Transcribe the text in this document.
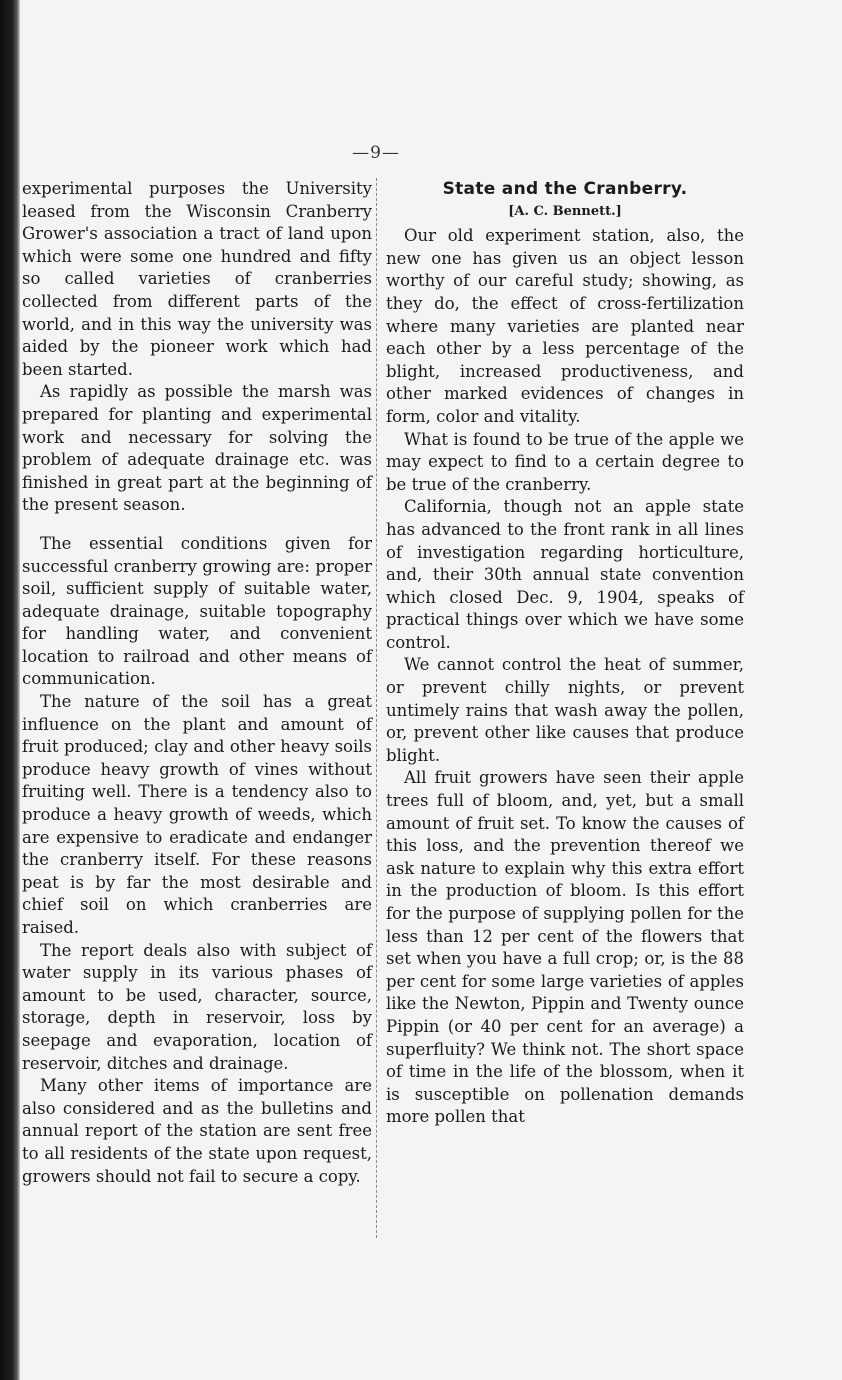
—9—

experimental purposes the University leased from the Wisconsin Cranberry Grower's association a tract of land upon which were some one hundred and fifty so called varieties of cranberries collected from different parts of the world, and in this way the university was aided by the pioneer work which had been started.

As rapidly as possible the marsh was prepared for planting and experimental work and necessary for solving the problem of adequate drainage etc. was finished in great part at the beginning of the present season.

The essential conditions given for successful cranberry growing are: proper soil, sufficient supply of suitable water, adequate drainage, suitable topography for handling water, and convenient location to railroad and other means of communication.

The nature of the soil has a great influence on the plant and amount of fruit produced; clay and other heavy soils produce heavy growth of vines without fruiting well. There is a tendency also to produce a heavy growth of weeds, which are expensive to eradicate and endanger the cranberry itself. For these reasons peat is by far the most desirable and chief soil on which cranberries are raised.

The report deals also with subject of water supply in its various phases of amount to be used, character, source, storage, depth in reservoir, loss by seepage and evaporation, location of reservoir, ditches and drainage.

Many other items of importance are also considered and as the bulletins and annual report of the station are sent free to all residents of the state upon request, growers should not fail to secure a copy.

State and the Cranberry.

[A. C. Bennett.]

Our old experiment station, also, the new one has given us an object lesson worthy of our careful study; showing, as they do, the effect of cross-fertilization where many varieties are planted near each other by a less percentage of the blight, increased productiveness, and other marked evidences of changes in form, color and vitality.

What is found to be true of the apple we may expect to find to a certain degree to be true of the cranberry.

California, though not an apple state has advanced to the front rank in all lines of investigation regarding horticulture, and, their 30th annual state convention which closed Dec. 9, 1904, speaks of practical things over which we have some control.

We cannot control the heat of summer, or prevent chilly nights, or prevent untimely rains that wash away the pollen, or, prevent other like causes that produce blight.

All fruit growers have seen their apple trees full of bloom, and, yet, but a small amount of fruit set. To know the causes of this loss, and the prevention thereof we ask nature to explain why this extra effort in the production of bloom. Is this effort for the purpose of supplying pollen for the less than 12 per cent of the flowers that set when you have a full crop; or, is the 88 per cent for some large varieties of apples like the Newton, Pippin and Twenty ounce Pippin (or 40 per cent for an average) a superfluity? We think not. The short space of time in the life of the blossom, when it is susceptible on pollenation demands more pollen that
